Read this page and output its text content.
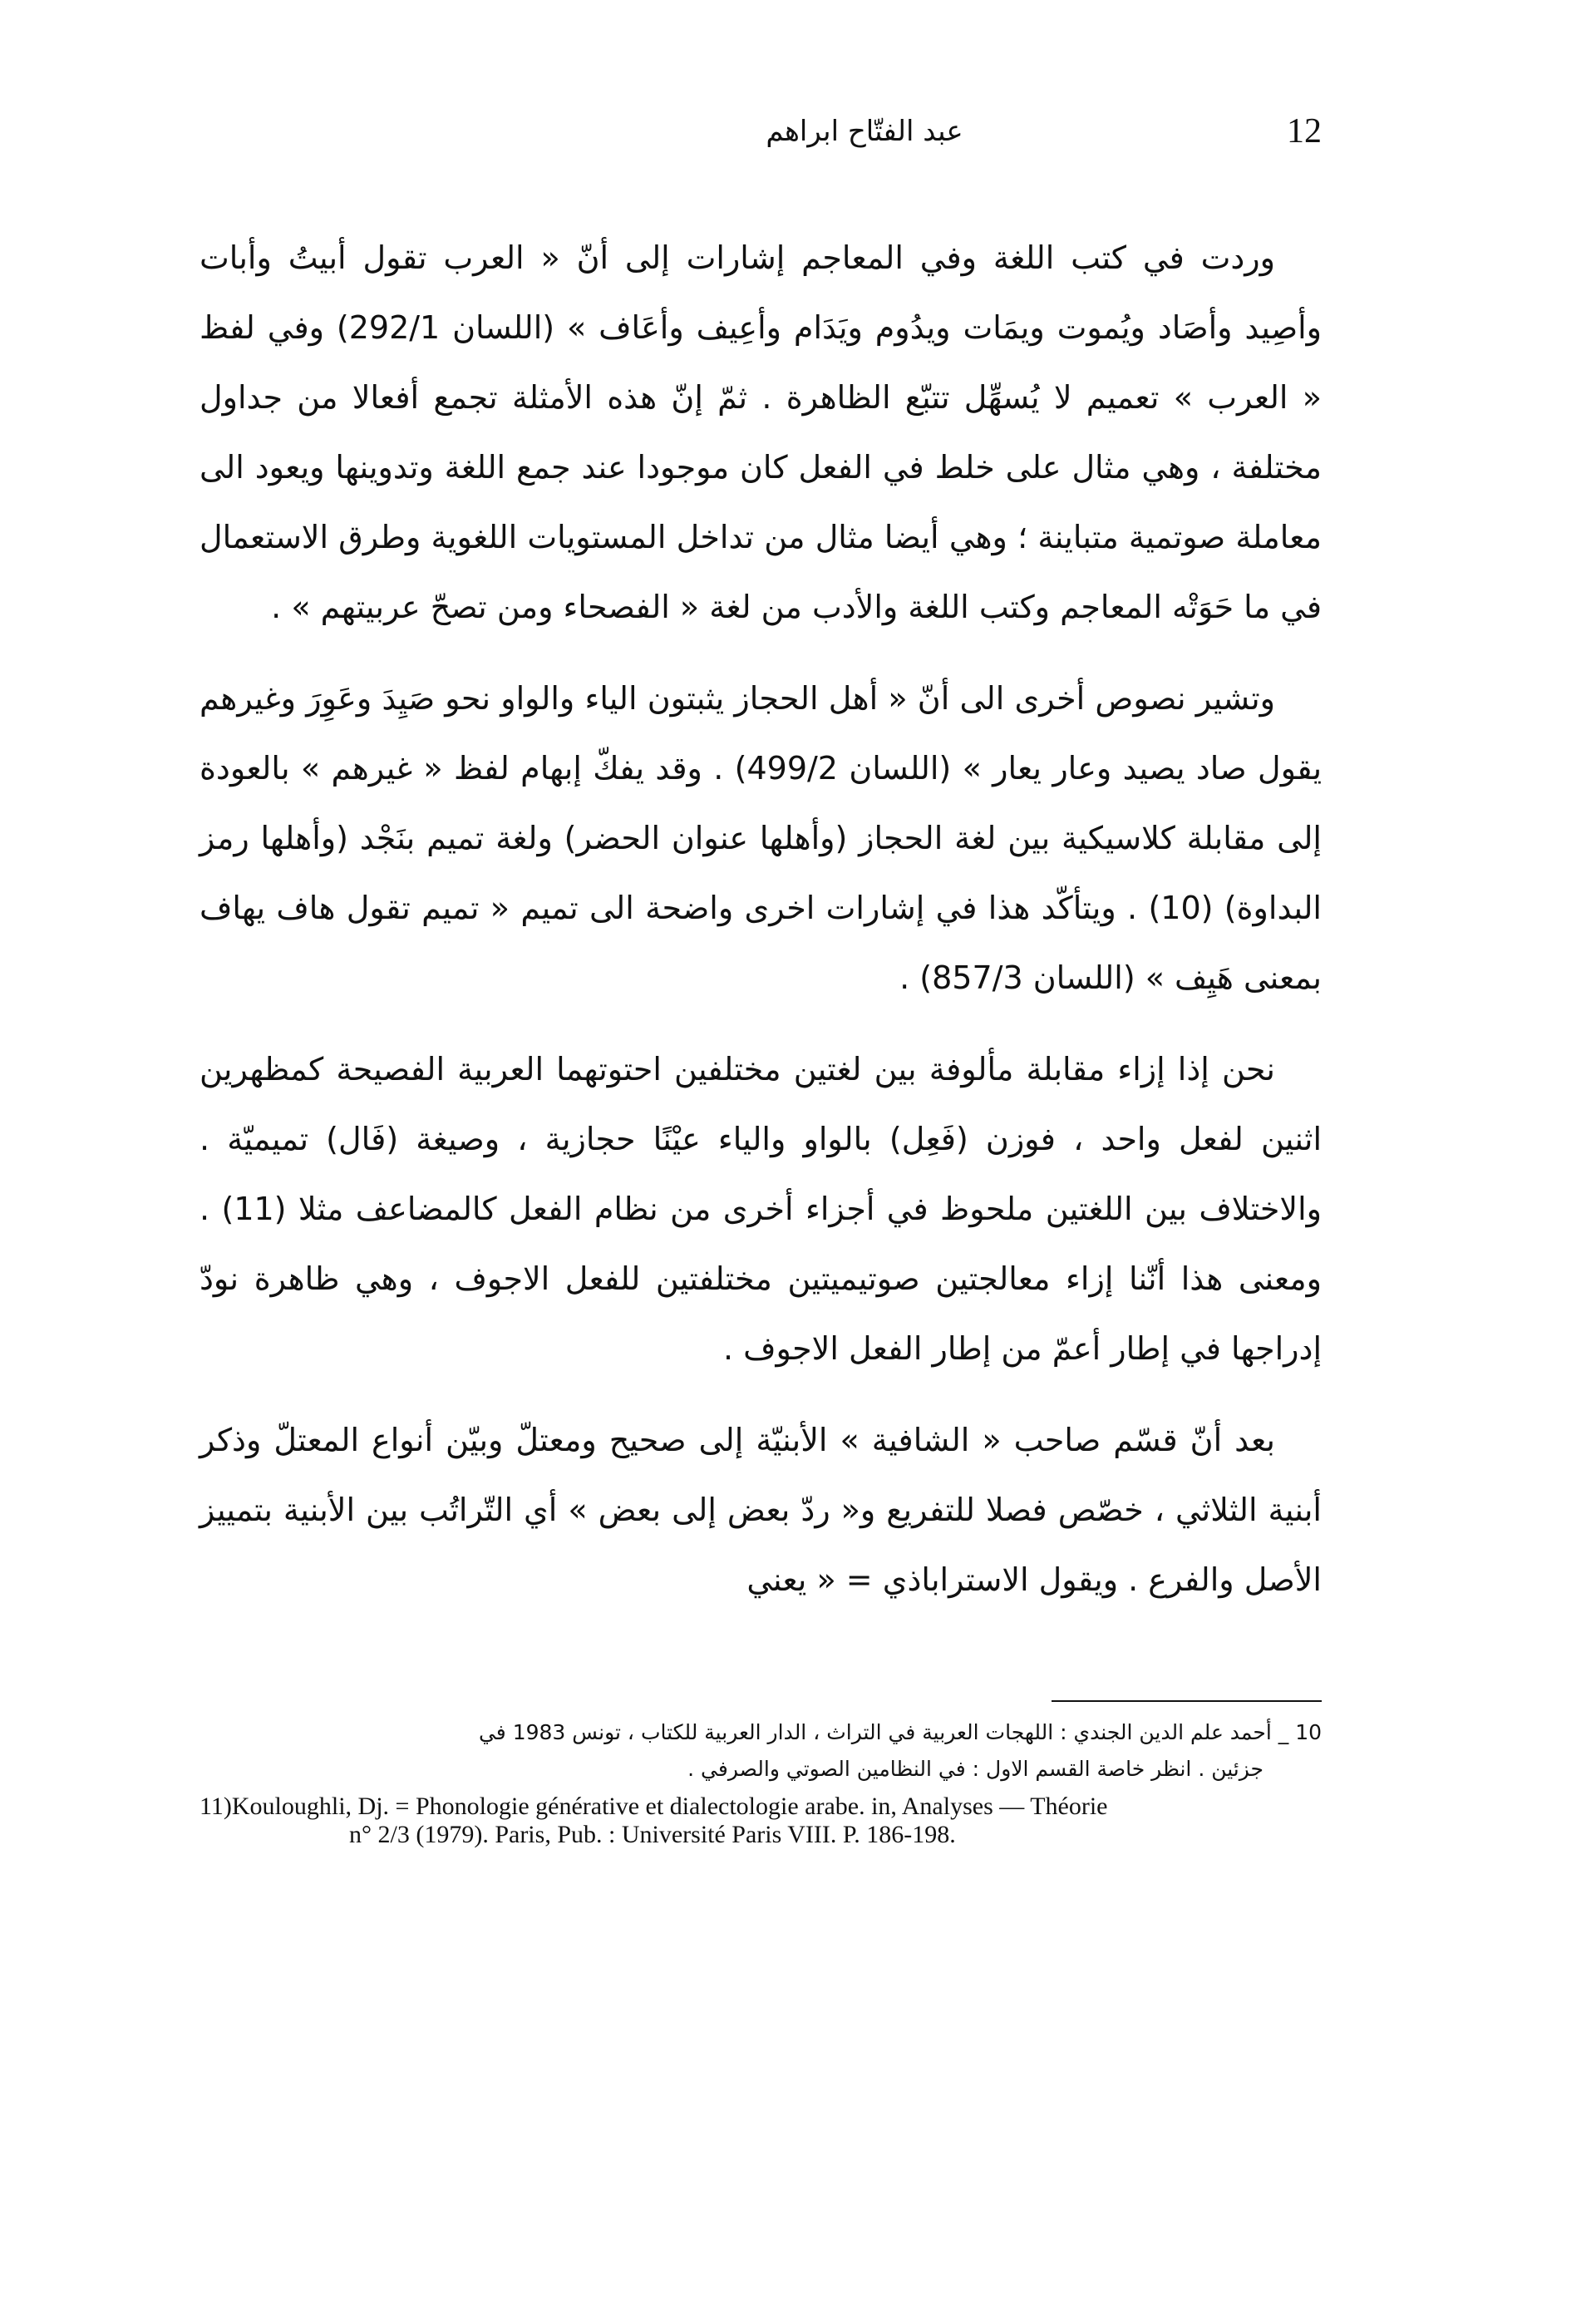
عبد الفتّاح ابراهم	12

وردت في كتب اللغة وفي المعاجم إشارات إلى أنّ « العرب تقول أبيتُ وأبات وأصِيد وأصَاد ويُموت ويمَات ويدُوم ويَدَام وأعِيف وأعَاف » (اللسان 292/1) وفي لفظ « العرب » تعميم لا يُسهِّل تتبّع الظاهرة . ثمّ إنّ هذه الأمثلة تجمع أفعالا من جداول مختلفة ، وهي مثال على خلط في الفعل كان موجودا عند جمع اللغة وتدوينها ويعود الى معاملة صوتمية متباينة ؛ وهي أيضا مثال من تداخل المستويات اللغوية وطرق الاستعمال في ما حَوَتْه المعاجم وكتب اللغة والأدب من لغة « الفصحاء ومن تصحّ عربيتهم » .

وتشير نصوص أخرى الى أنّ « أهل الحجاز يثبتون الياء والواو نحو صَيِدَ وعَوِرَ وغيرهم يقول صاد يصيد وعار يعار » (اللسان 499/2) . وقد يفكّ إبهام لفظ « غيرهم » بالعودة إلى مقابلة كلاسيكية بين لغة الحجاز (وأهلها عنوان الحضر) ولغة تميم بنَجْد (وأهلها رمز البداوة) (10) . ويتأكّد هذا في إشارات اخرى واضحة الى تميم « تميم تقول هاف يهاف بمعنى هَيِف » (اللسان 857/3) .

نحن إذا إزاء مقابلة مألوفة بين لغتين مختلفين احتوتهما العربية الفصيحة كمظهرين اثنين لفعل واحد ، فوزن (فَعِل) بالواو والياء عيْنًا حجازية ، وصيغة (فَال) تميميّة . والاختلاف بين اللغتين ملحوظ في أجزاء أخرى من نظام الفعل كالمضاعف مثلا (11) . ومعنى هذا أنّنا إزاء معالجتين صوتيميتين مختلفتين للفعل الاجوف ، وهي ظاهرة نودّ إدراجها في إطار أعمّ من إطار الفعل الاجوف .

بعد أنّ قسّم صاحب « الشافية » الأبنيّة إلى صحيح ومعتلّ وبيّن أنواع المعتلّ وذكر أبنية الثلاثي ، خصّص فصلا للتفريع و« ردّ بعض إلى بعض » أي التّراتُب بين الأبنية بتمييز الأصل والفرع . ويقول الاستراباذي = « يعني

10 _ أحمد علم الدين الجندي : اللهجات العربية في التراث ، الدار العربية للكتاب ، تونس 1983 في

جزئين . انظر خاصة القسم الاول : في النظامين الصوتي والصرفي .

11)Kouloughli, Dj. = Phonologie générative et dialectologie arabe. in, Analyses — Théorie

n° 2/3 (1979). Paris, Pub. : Université Paris VIII. P. 186-198.
